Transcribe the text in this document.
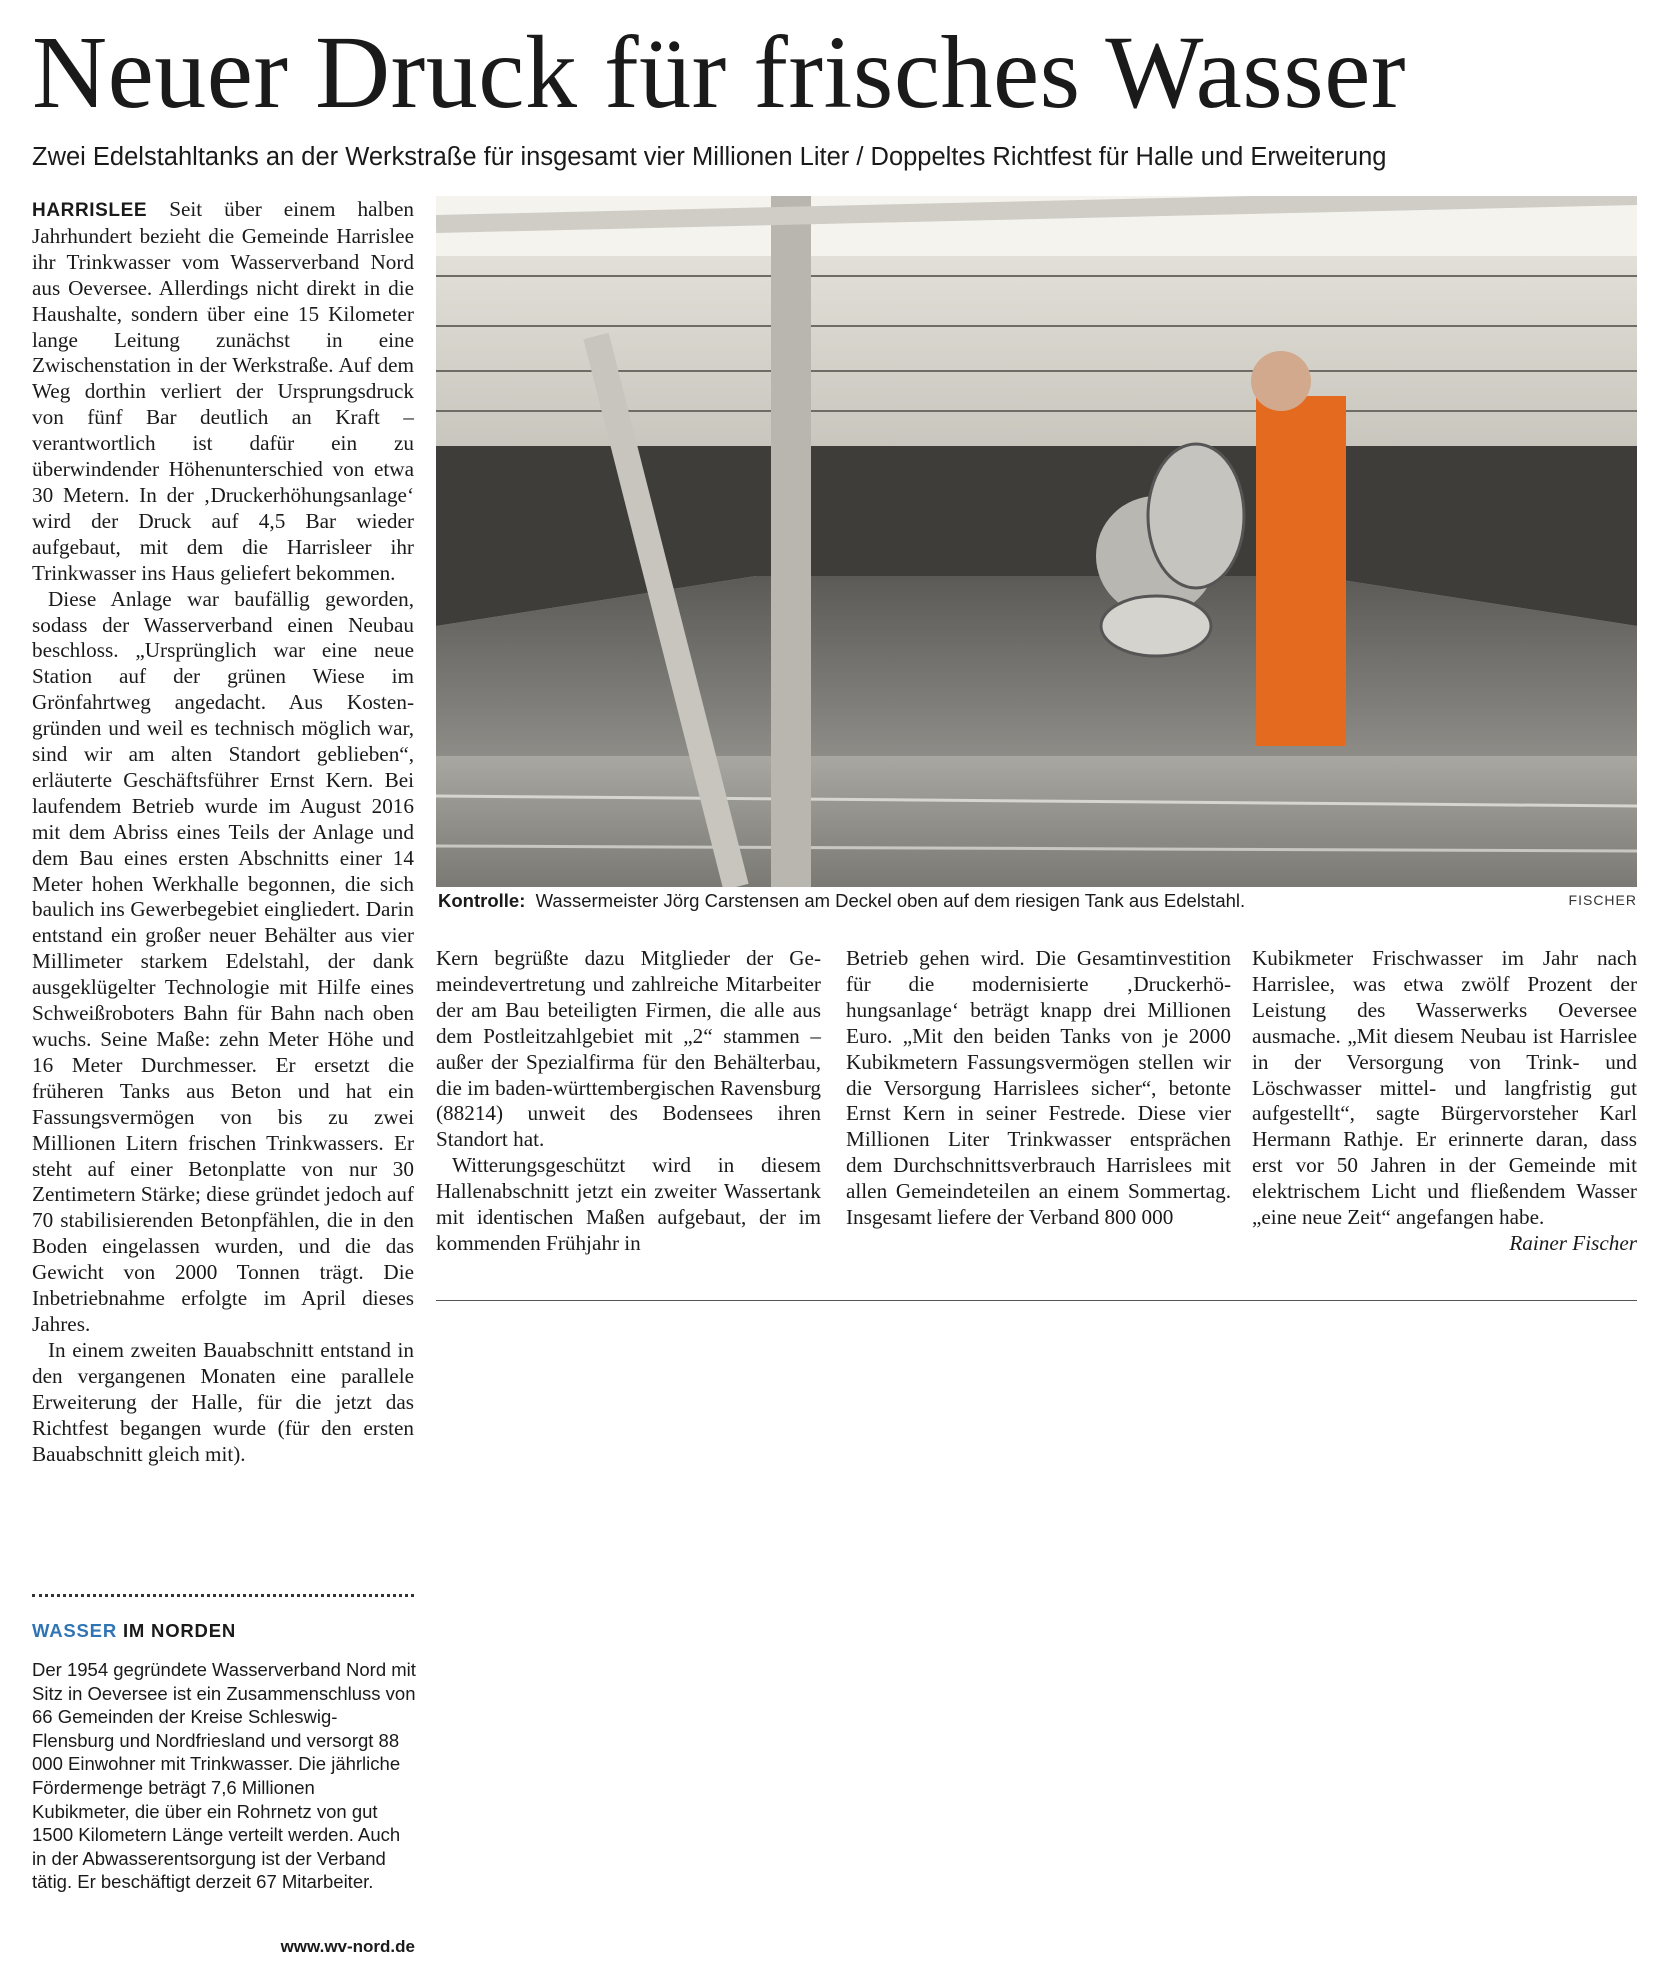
Neuer Druck für frisches Wasser
Zwei Edelstahltanks an der Werkstraße für insgesamt vier Millionen Liter / Doppeltes Richtfest für Halle und Erweiterung

HARRISLEE Seit über einem halben Jahrhundert bezieht die Gemeinde Harrislee ihr Trinkwasser vom Wasserverband Nord aus Oeversee. Allerdings nicht direkt in die Haushalte, sondern über eine 15 Kilometer lange Leitung zunächst in eine Zwischenstation in der Werkstraße. Auf dem Weg dorthin verliert der Ursprungsdruck von fünf Bar deutlich an Kraft – verantwortlich ist dafür ein zu überwindender Höhenunterschied von etwa 30 Metern. In der ‚Druckerhöhungsanlage‘ wird der Druck auf 4,5 Bar wieder aufgebaut, mit dem die Harrisleer ihr Trinkwasser ins Haus geliefert bekommen.

Diese Anlage war baufällig geworden, sodass der Wasserverband einen Neubau beschloss. „Ursprünglich war eine neue Station auf der grünen Wiese im Grönfahrtweg angedacht. Aus Kostengründen und weil es technisch möglich war, sind wir am alten Standort geblieben“, erläuterte Geschäftsführer Ernst Kern. Bei laufendem Betrieb wurde im August 2016 mit dem Abriss eines Teils der Anlage und dem Bau eines ersten Abschnitts einer 14 Meter hohen Werkhalle begonnen, die sich baulich ins Gewerbegebiet eingliedert. Darin entstand ein großer neuer Behälter aus vier Millimeter starkem Edelstahl, der dank ausgeklügelter Technologie mit Hilfe eines Schweißroboters Bahn für Bahn nach oben wuchs. Seine Maße: zehn Meter Höhe und 16 Meter Durchmesser. Er ersetzt die früheren Tanks aus Beton und hat ein Fassungsvermögen von bis zu zwei Millionen Litern frischen Trinkwassers. Er steht auf einer Betonplatte von nur 30 Zentimetern Stärke; diese gründet jedoch auf 70 stabilisierenden Betonpfählen, die in den Boden eingelassen wurden, und die das Gewicht von 2000 Tonnen trägt. Die Inbetriebnahme erfolgte im April dieses Jahres.

In einem zweiten Bauabschnitt entstand in den vergangenen Monaten eine parallele Erweiterung der Halle, für die jetzt das Richtfest begangen wurde (für den ersten Bauabschnitt gleich mit).

Kontrolle: Wassermeister Jörg Carstensen am Deckel oben auf dem riesigen Tank aus Edelstahl.	FISCHER

Kern begrüßte dazu Mitglieder der Gemeindevertretung und zahlreiche Mitarbeiter der am Bau beteiligten Firmen, die alle aus dem Postleitzahlgebiet mit „2“ stammen – außer der Spezialfirma für den Behälterbau, die im baden-württembergischen Ravensburg (88214) unweit des Bodensees ihren Standort hat.

Witterungsgeschützt wird in diesem Hallenabschnitt jetzt ein zweiter Wassertank mit identischen Maßen aufgebaut, der im kommenden Frühjahr in

Betrieb gehen wird. Die Gesamtinvestition für die modernisierte ‚Druckerhöhungsanlage‘ beträgt knapp drei Millionen Euro. „Mit den beiden Tanks von je 2000 Kubikmetern Fassungsvermögen stellen wir die Versorgung Harrislees sicher“, betonte Ernst Kern in seiner Festrede. Diese vier Millionen Liter Trinkwasser entsprächen dem Durchschnittsverbrauch Harrislees mit allen Gemeindeteilen an einem Sommertag. Insgesamt liefere der Verband 800 000

Kubikmeter Frischwasser im Jahr nach Harrislee, was etwa zwölf Prozent der Leistung des Wasserwerks Oeversee ausmache. „Mit diesem Neubau ist Harrislee in der Versorgung von Trink- und Löschwasser mittel- und langfristig gut aufgestellt“, sagte Bürgervorsteher Karl Hermann Rathje. Er erinnerte daran, dass erst vor 50 Jahren in der Gemeinde mit elektrischem Licht und fließendem Wasser „eine neue Zeit“ angefangen habe.

Rainer Fischer
WASSER IM NORDEN
Der 1954 gegründete Wasserverband Nord mit Sitz in Oeversee ist ein Zusammenschluss von 66 Gemeinden der Kreise Schleswig-Flensburg und Nordfriesland und versorgt 88 000 Einwohner mit Trinkwasser. Die jährliche Fördermenge beträgt 7,6 Millionen Kubikmeter, die über ein Rohrnetz von gut 1500 Kilometern Länge verteilt werden. Auch in der Abwasserentsorgung ist der Verband tätig. Er beschäftigt derzeit 67 Mitarbeiter.
www.wv-nord.de
